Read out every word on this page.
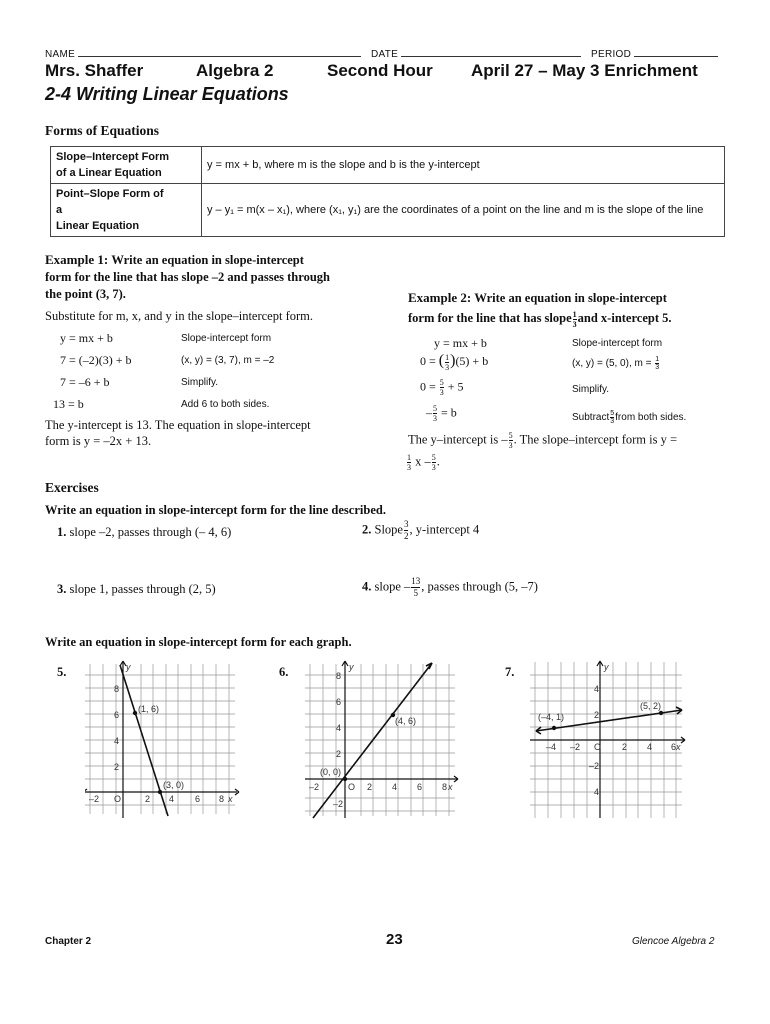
NAME	DATE	PERIOD
Mrs. Shaffer	Algebra 2	Second Hour April 27 – May 3 Enrichment
2-4 Writing Linear Equations
Forms of Equations
Slope–Intercept Form
of a Linear Equation	y = mx + b, where m is the slope and b is the y-intercept

Point–Slope Form of
a
Linear Equation	y – y₁ = m(x – x₁), where (x₁, y₁) are the coordinates of a point on the line and m is the slope of the line
Example 1: Write an equation in slope-intercept
form for the line that has slope –2 and passes through
the point (3, 7).
Substitute for m, x, and y in the slope–intercept form.
y = mx + b	Slope-intercept form
7 = (–2)(3) + b	(x, y) = (3, 7), m = –2
7 = –6 + b	Simplify.
13 = b	Add 6 to both sides.
The y-intercept is 13. The equation in slope-intercept
form is y = –2x + 13.
Example 2: Write an equation in slope-intercept
form for the line that has slope $\frac{1}{3}$ and x-intercept 5.
y = mx + b	Slope-intercept form
0 = ( $\frac{1}{3} )(5) + b$	(x, y) = (5, 0), $m = \frac{1}{3}$
$0 = \frac{5}{3} + 5$	Simplify.
– $\frac{5}{3} = b$	Subtract $\frac{5}{3}$ from both sides.
The y–intercept is – $\frac{5}{3}$ . The slope–intercept form is y =
$\frac{1}{3}$ x – $\frac{5}{3}$ .
Exercises
Write an equation in slope-intercept form for the line described.
1. slope –2, passes through (– 4, 6)	2. Slope $\frac{3}{2}$ , y-intercept 4
3. slope 1, passes through (2, 5)	4. slope – $\frac{13}{5}$ , passes through (5, –7)
Write an equation in slope-intercept form for each graph.
5.	6.	7.
y
x
8
6
4
2
–2 O	2 4 6 8
(1, 6)
(3, 0)
y
x
8
6
4
2
–2
–2	O 2 4 6 8
(4, 6)
(0, 0)
y
x
4
2
–2
4
–4 –2 O 2 4 6
(–4, 1)
(5, 2)
Chapter 2	23	Glencoe Algebra 2
